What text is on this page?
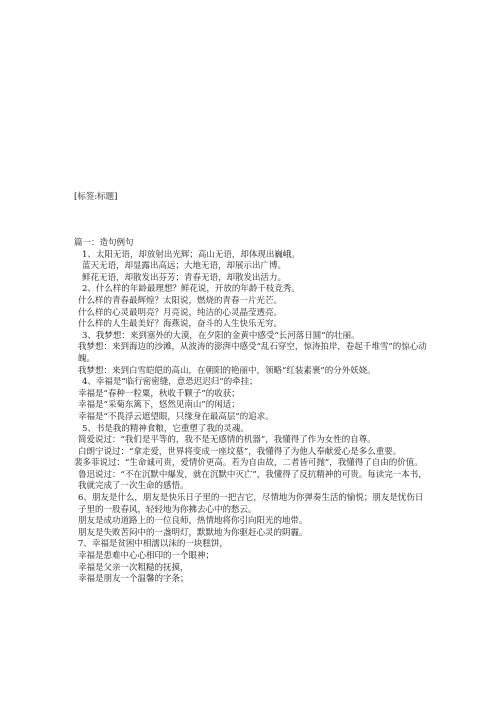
[标签:标题]
篇一：造句例句
1、太阳无语，却放射出光辉；高山无语，却体现出巍峨。
蓝天无语，却显露出高远；大地无语，却展示出广博。
鲜花无语，却散发出芬芳；青春无语，却散发出活力。
2、什么样的年龄最理想？鲜花说，开放的年龄千枝竞秀。
什么样的青春最辉煌？太阳说，燃烧的青春一片光芒。
什么样的心灵最明亮？月亮说，纯洁的心灵晶莹透亮。
什么样的人生最美好？海燕说，奋斗的人生快乐无穷。
3、我梦想：来到塞外的大漠，在夕阳的金黄中感受“长河落日圆”的壮丽。
我梦想：来到海边的沙滩，从波涛的澎湃中感受“乱石穿空，惊涛拍岸，卷起千堆雪”的惊心动魄。
我梦想：来到白雪皑皑的高山，在朝阳的艳丽中，领略“红装素裹”的分外妖娆。
4、幸福是“临行密密缝，意恐迟迟归”的牵挂；
幸福是“春种一粒粟，秋收千颗子”的收获；
幸福是“采菊东篱下，悠然见南山”的闲适；
幸福是“不畏浮云遮望眼，只缘身在最高层”的追求。
5、书是我的精神食粮，它重塑了我的灵魂。
简爱说过：“我们是平等的，我不是无感情的机器”，我懂得了作为女性的自尊。
白朗宁说过：“拿走爱，世界将变成一座坟墓”，我懂得了为他人奉献爱心是多么重要。
裴多菲说过：“生命诚可贵，爱情价更高。若为自由故，二者皆可抛”，我懂得了自由的价值。
鲁迅说过：“不在沉默中爆发，就在沉默中灭亡”，我懂得了反抗精神的可贵。每读完一本书，我就完成了一次生命的感悟。
6、朋友是什么，朋友是快乐日子里的一把吉它，尽情地为你弹奏生活的愉悦；朋友是忧伤日子里的一股春风，轻轻地为你拂去心中的愁云。
朋友是成功道路上的一位良师，热情地将你引向阳光的地带。
朋友是失败苦闷中的一盏明灯，默默地为你驱赶心灵的阴霾。
7、幸福是贫困中相濡以沫的一块糕饼，
幸福是患难中心心相印的一个眼神；
幸福是父亲一次粗糙的抚摸，
幸福是朋友一个温馨的字条；
